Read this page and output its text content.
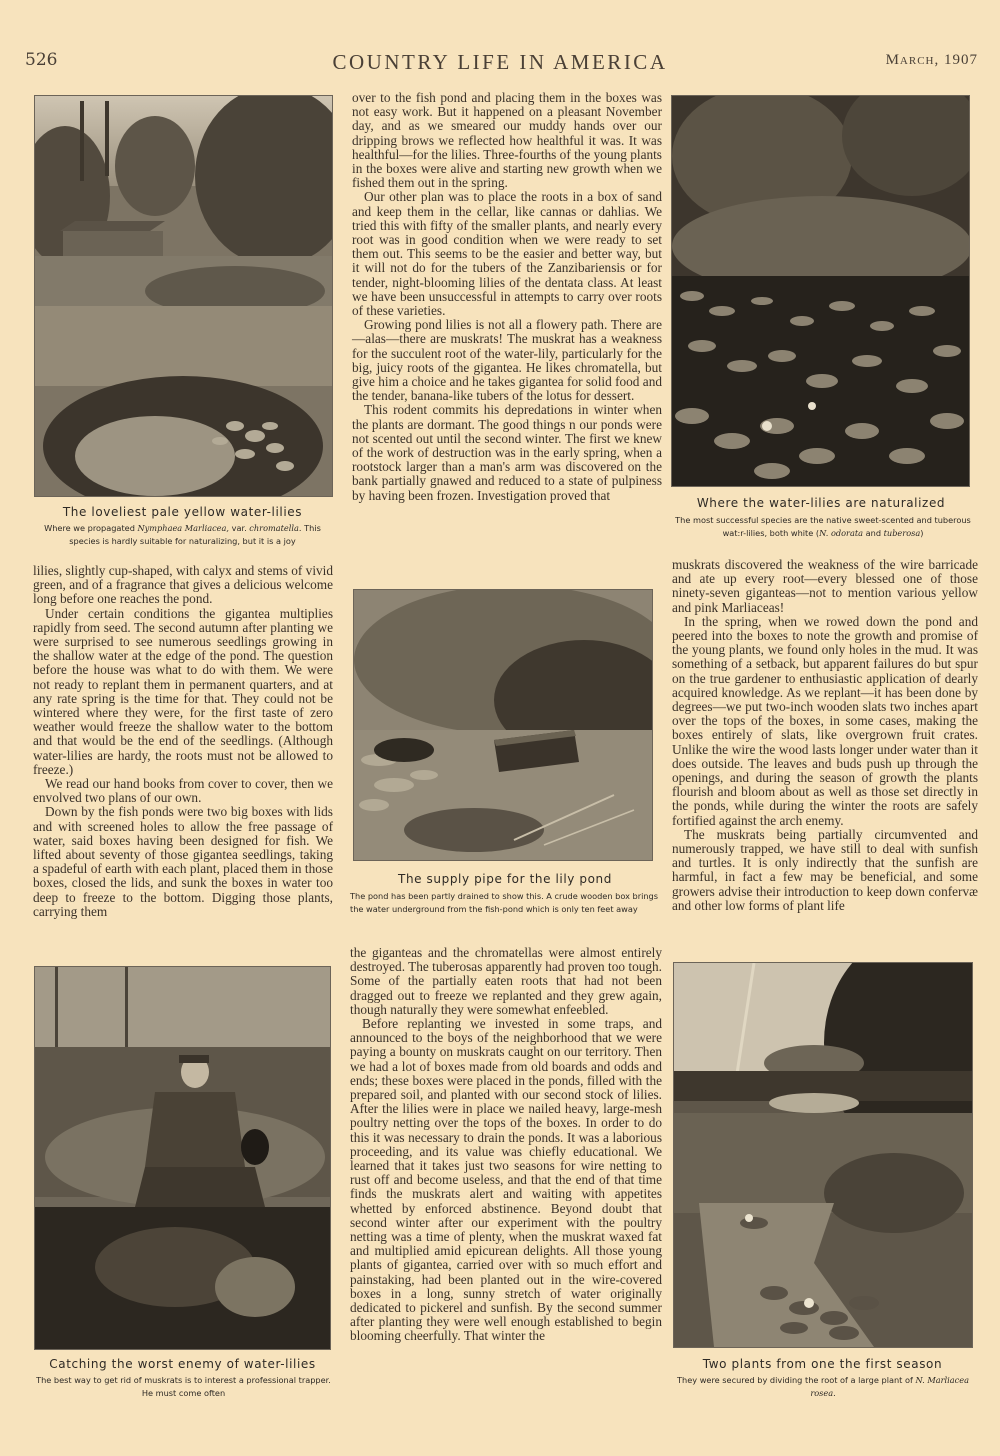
526	COUNTRY LIFE IN AMERICA	March, 1907
The loveliest pale yellow water-lilies
Where we propagated Nymphaea Marliacea, var. chromatella. This species is hardly suitable for naturalizing, but it is a joy

lilies, slightly cup-shaped, with calyx and stems of vivid green, and of a fragrance that gives a delicious welcome long before one reaches the pond.

Under certain conditions the gigantea multiplies rapidly from seed. The second autumn after planting we were surprised to see numerous seedlings growing in the shallow water at the edge of the pond. The question before the house was what to do with them. We were not ready to replant them in permanent quarters, and at any rate spring is the time for that. They could not be wintered where they were, for the first taste of zero weather would freeze the shallow water to the bottom and that would be the end of the seedlings. (Although water-lilies are hardy, the roots must not be allowed to freeze.)

We read our hand books from cover to cover, then we envolved two plans of our own.

Down by the fish ponds were two big boxes with lids and with screened holes to allow the free passage of water, said boxes having been designed for fish. We lifted about seventy of those gigantea seedlings, taking a spadeful of earth with each plant, placed them in those boxes, closed the lids, and sunk the boxes in water too deep to freeze to the bottom. Digging those plants, carrying them

Catching the worst enemy of water-lilies
The best way to get rid of muskrats is to interest a professional trapper. He must come often

over to the fish pond and placing them in the boxes was not easy work. But it happened on a pleasant November day, and as we smeared our muddy hands over our dripping brows we reflected how healthful it was. It was healthful—for the lilies. Three-fourths of the young plants in the boxes were alive and starting new growth when we fished them out in the spring.

Our other plan was to place the roots in a box of sand and keep them in the cellar, like cannas or dahlias. We tried this with fifty of the smaller plants, and nearly every root was in good condition when we were ready to set them out. This seems to be the easier and better way, but it will not do for the tubers of the Zanzibariensis or for tender, night-blooming lilies of the dentata class. At least we have been unsuccessful in attempts to carry over roots of these varieties.

Growing pond lilies is not all a flowery path. There are—alas—there are muskrats! The muskrat has a weakness for the succulent root of the water-lily, particularly for the big, juicy roots of the gigantea. He likes chromatella, but give him a choice and he takes gigantea for solid food and the tender, banana-like tubers of the lotus for dessert.

This rodent commits his depredations in winter when the plants are dormant. The good things n our ponds were not scented out until the second winter. The first we knew of the work of destruction was in the early spring, when a rootstock larger than a man's arm was discovered on the bank partially gnawed and reduced to a state of pulpiness by having been frozen. Investigation proved that

The supply pipe for the lily pond
The pond has been partly drained to show this. A crude wooden box brings the water underground from the fish-pond which is only ten feet away

the giganteas and the chromatellas were almost entirely destroyed. The tuberosas apparently had proven too tough. Some of the partially eaten roots that had not been dragged out to freeze we replanted and they grew again, though naturally they were somewhat enfeebled.

Before replanting we invested in some traps, and announced to the boys of the neighborhood that we were paying a bounty on muskrats caught on our territory. Then we had a lot of boxes made from old boards and odds and ends; these boxes were placed in the ponds, filled with the prepared soil, and planted with our second stock of lilies. After the lilies were in place we nailed heavy, large-mesh poultry netting over the tops of the boxes. In order to do this it was necessary to drain the ponds. It was a laborious proceeding, and its value was chiefly educational. We learned that it takes just two seasons for wire netting to rust off and become useless, and that the end of that time finds the muskrats alert and waiting with appetites whetted by enforced abstinence. Beyond doubt that second winter after our experiment with the poultry netting was a time of plenty, when the muskrat waxed fat and multiplied amid epicurean delights. All those young plants of gigantea, carried over with so much effort and painstaking, had been planted out in the wire-covered boxes in a long, sunny stretch of water originally dedicated to pickerel and sunfish. By the second summer after planting they were well enough established to begin blooming cheerfully. That winter the

Where the water-lilies are naturalized
The most successful species are the native sweet-scented and tuberous wat:r-lilies, both white (N. odorata and tuberosa)

muskrats discovered the weakness of the wire barricade and ate up every root—every blessed one of those ninety-seven giganteas—not to mention various yellow and pink Marliaceas!

In the spring, when we rowed down the pond and peered into the boxes to note the growth and promise of the young plants, we found only holes in the mud. It was something of a setback, but apparent failures do but spur on the true gardener to enthusiastic application of dearly acquired knowledge. As we replant—it has been done by degrees—we put two-inch wooden slats two inches apart over the tops of the boxes, in some cases, making the boxes entirely of slats, like overgrown fruit crates. Unlike the wire the wood lasts longer under water than it does outside. The leaves and buds push up through the openings, and during the season of growth the plants flourish and bloom about as well as those set directly in the ponds, while during the winter the roots are safely fortified against the arch enemy.

The muskrats being partially circumvented and numerously trapped, we have still to deal with sunfish and turtles. It is only indirectly that the sunfish are harmful, in fact a few may be beneficial, and some growers advise their introduction to keep down confervæ and other low forms of plant life

Two plants from one the first season
They were secured by dividing the root of a large plant of N. Marliacea rosea.
